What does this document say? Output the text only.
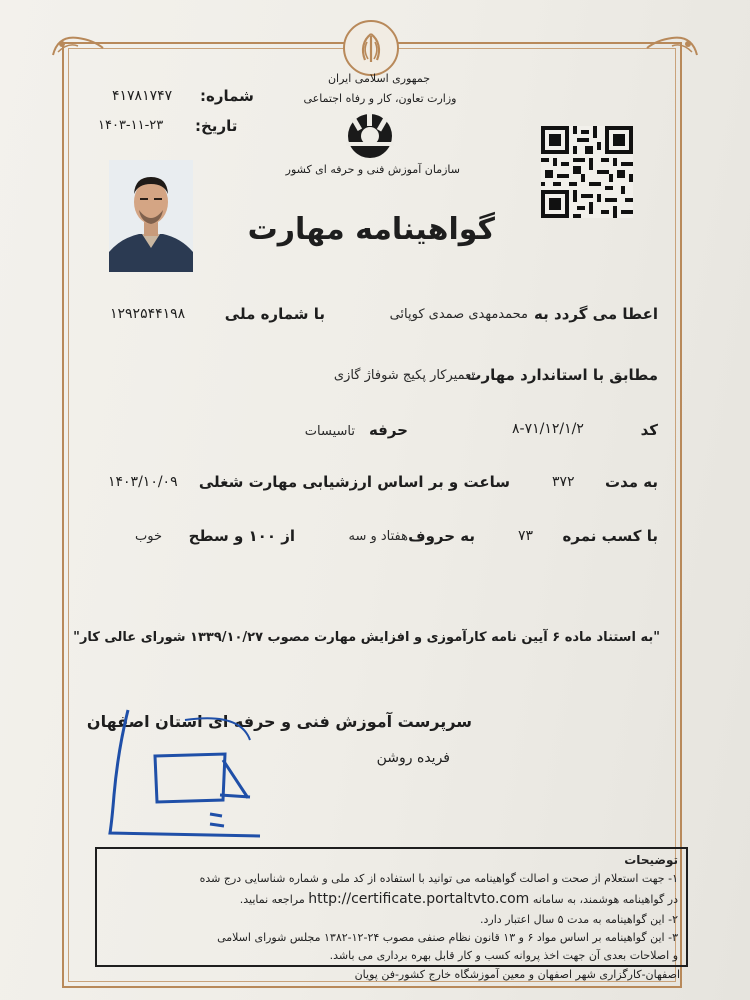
جمهوری اسلامی ایران
وزارت تعاون، کار و رفاه اجتماعی
سازمان آموزش فنی و حرفه ای کشور
شماره:
۴۱۷۸۱۷۴۷
تاریخ:
۱۴۰۳-۱۱-۲۳
گواهینامه مهارت
اعطا می گردد به
محمدمهدی صمدی کوپائی
با شماره ملی
۱۲۹۲۵۴۴۱۹۸
مطابق با استاندارد مهارت
تعمیرکار پکیج شوفاژ گازی
کد
۸-۷۱/۱۲/۱/۲
حرفه
تاسیسات
به مدت
۳۷۲
ساعت و بر اساس ارزشیابی مهارت شغلی
۱۴۰۳/۱۰/۰۹
با کسب نمره
۷۳
به حروف
هفتاد و سه
از ۱۰۰ و سطح
خوب
"به استناد ماده ۶ آیین نامه کارآموزی و افزایش مهارت مصوب ۱۳۳۹/۱۰/۲۷ شورای عالی کار"
سرپرست آموزش فنی و حرفه ای استان اصفهان
فریده روشن
توضیحات
۱- جهت استعلام از صحت و اصالت گواهینامه می توانید با استفاده از کد ملی و شماره شناسایی درج شده
در گواهینامه هوشمند، به سامانه http://certificate.portaltvto.com مراجعه نمایید.
۲- این گواهینامه به مدت ۵ سال اعتبار دارد.
۳- این گواهینامه بر اساس مواد ۶ و ۱۳ قانون نظام صنفی مصوب ۲۴-۱۲-۱۳۸۲ مجلس شورای اسلامی
و اصلاحات بعدی آن جهت اخذ پروانه کسب و کار قابل بهره برداری می باشد.
اصفهان-کارگزاری شهر اصفهان و معین آموزشگاه خارج کشور-فن پویان
